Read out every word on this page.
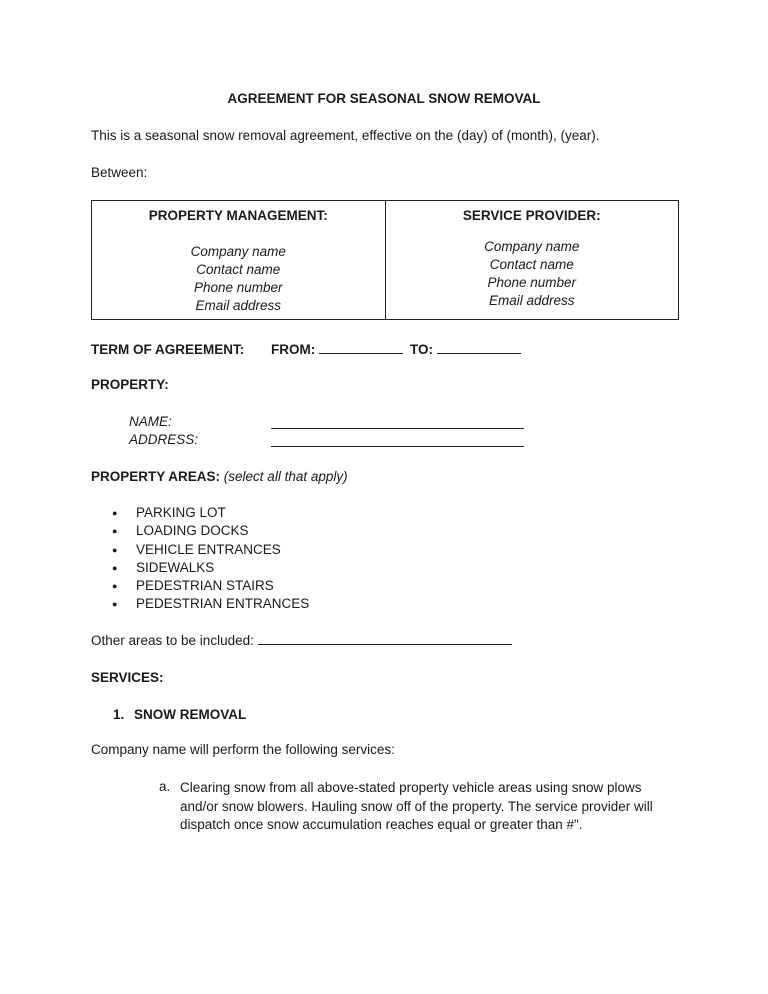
AGREEMENT FOR SEASONAL SNOW REMOVAL
This is a seasonal snow removal agreement, effective on the (day) of (month), (year).
Between:
PROPERTY MANAGEMENT:
Company name
Contact name
Phone number
Email address
SERVICE PROVIDER:
Company name
Contact name
Phone number
Email address
TERM OF AGREEMENT: FROM:	TO:
PROPERTY:
NAME:
ADDRESS:
PROPERTY AREAS: (select all that apply)
● PARKING LOT
● LOADING DOCKS
● VEHICLE ENTRANCES
● SIDEWALKS
● PEDESTRIAN STAIRS
● PEDESTRIAN ENTRANCES
Other areas to be included:
SERVICES:
1. SNOW REMOVAL
Company name will perform the following services:
a. Clearing snow from all above-stated property vehicle areas using snow plows and/or snow blowers. Hauling snow off of the property. The service provider will dispatch once snow accumulation reaches equal or greater than #".
